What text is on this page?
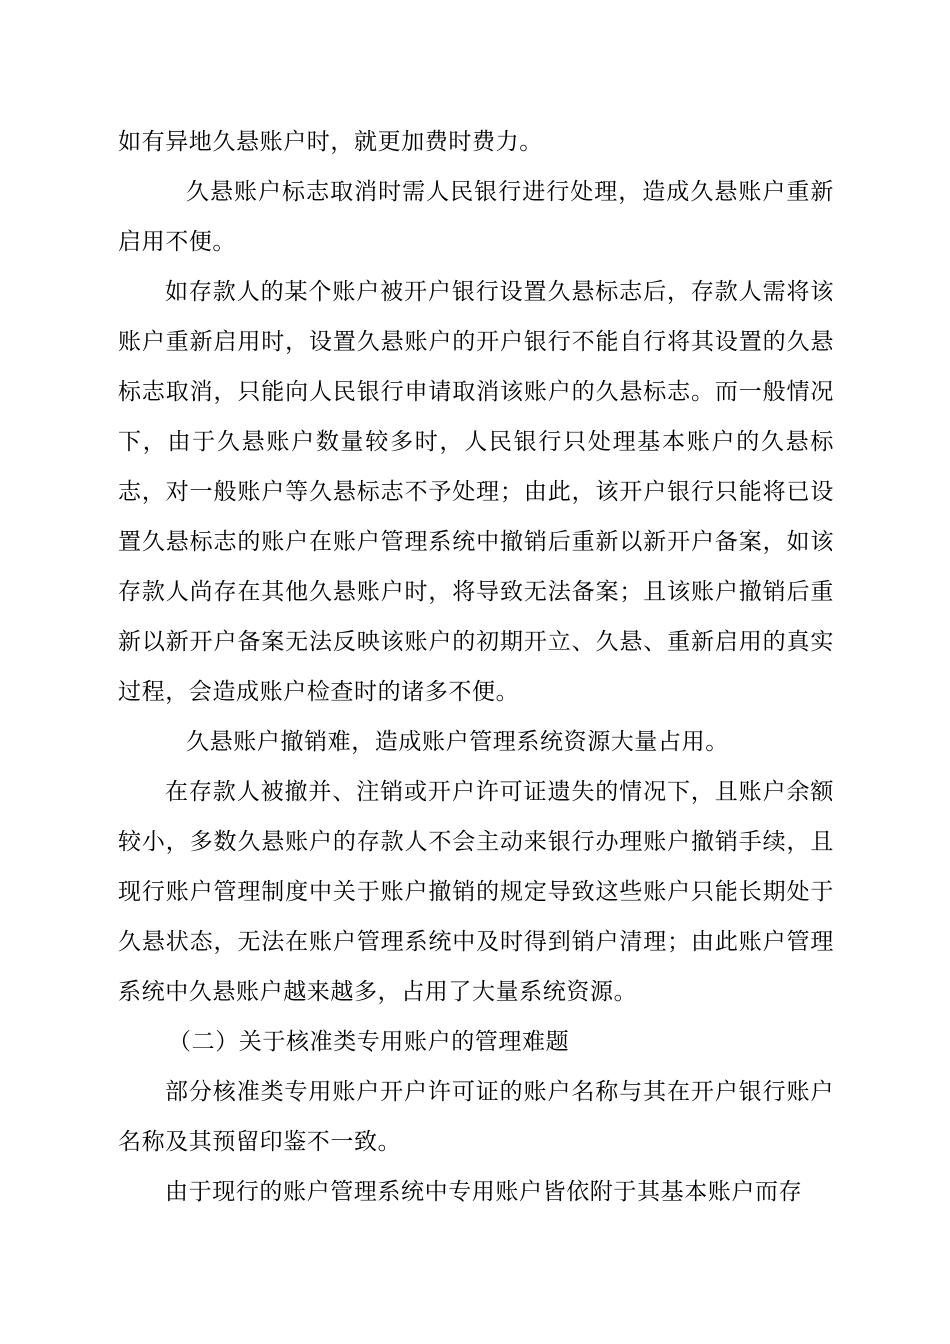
如有异地久悬账户时，就更加费时费力。

久悬账户标志取消时需人民银行进行处理，造成久悬账户重新启用不便。

如存款人的某个账户被开户银行设置久悬标志后，存款人需将该账户重新启用时，设置久悬账户的开户银行不能自行将其设置的久悬标志取消，只能向人民银行申请取消该账户的久悬标志。而一般情况下，由于久悬账户数量较多时，人民银行只处理基本账户的久悬标志，对一般账户等久悬标志不予处理；由此，该开户银行只能将已设置久悬标志的账户在账户管理系统中撤销后重新以新开户备案，如该存款人尚存在其他久悬账户时，将导致无法备案；且该账户撤销后重新以新开户备案无法反映该账户的初期开立、久悬、重新启用的真实过程，会造成账户检查时的诸多不便。

久悬账户撤销难，造成账户管理系统资源大量占用。

在存款人被撤并、注销或开户许可证遗失的情况下，且账户余额较小，多数久悬账户的存款人不会主动来银行办理账户撤销手续，且现行账户管理制度中关于账户撤销的规定导致这些账户只能长期处于久悬状态，无法在账户管理系统中及时得到销户清理；由此账户管理系统中久悬账户越来越多，占用了大量系统资源。

（二）关于核准类专用账户的管理难题

部分核准类专用账户开户许可证的账户名称与其在开户银行账户名称及其预留印鉴不一致。

由于现行的账户管理系统中专用账户皆依附于其基本账户而存
